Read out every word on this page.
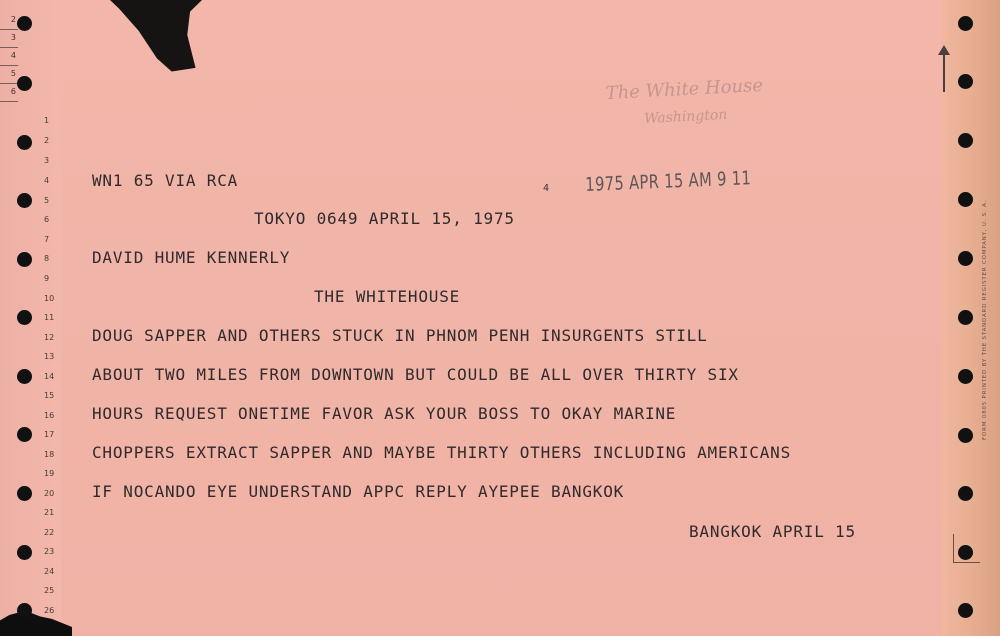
2
3
4
5
6
FORM 0805 PRINTED BY THE STANDARD REGISTER COMPANY, U. S. A.
1
2
3
4
5
6
7
8
9
10
11
12
13
14
15
16
17
18
19
20
21
22
23
24
25
26
The White House
Washington
4 1975 APR 15 AM 9 11

WN1 65 VIA RCA

TOKYO 0649 APRIL 15, 1975

DAVID HUME KENNERLY

THE WHITEHOUSE

DOUG SAPPER AND OTHERS STUCK IN PHNOM PENH INSURGENTS STILL

ABOUT TWO MILES FROM DOWNTOWN BUT COULD BE ALL OVER THIRTY SIX

HOURS REQUEST ONETIME FAVOR ASK YOUR BOSS TO OKAY MARINE

CHOPPERS EXTRACT SAPPER AND MAYBE THIRTY OTHERS INCLUDING AMERICANS

IF NOCANDO EYE UNDERSTAND APPC REPLY AYEPEE BANGKOK

BANGKOK APRIL 15
